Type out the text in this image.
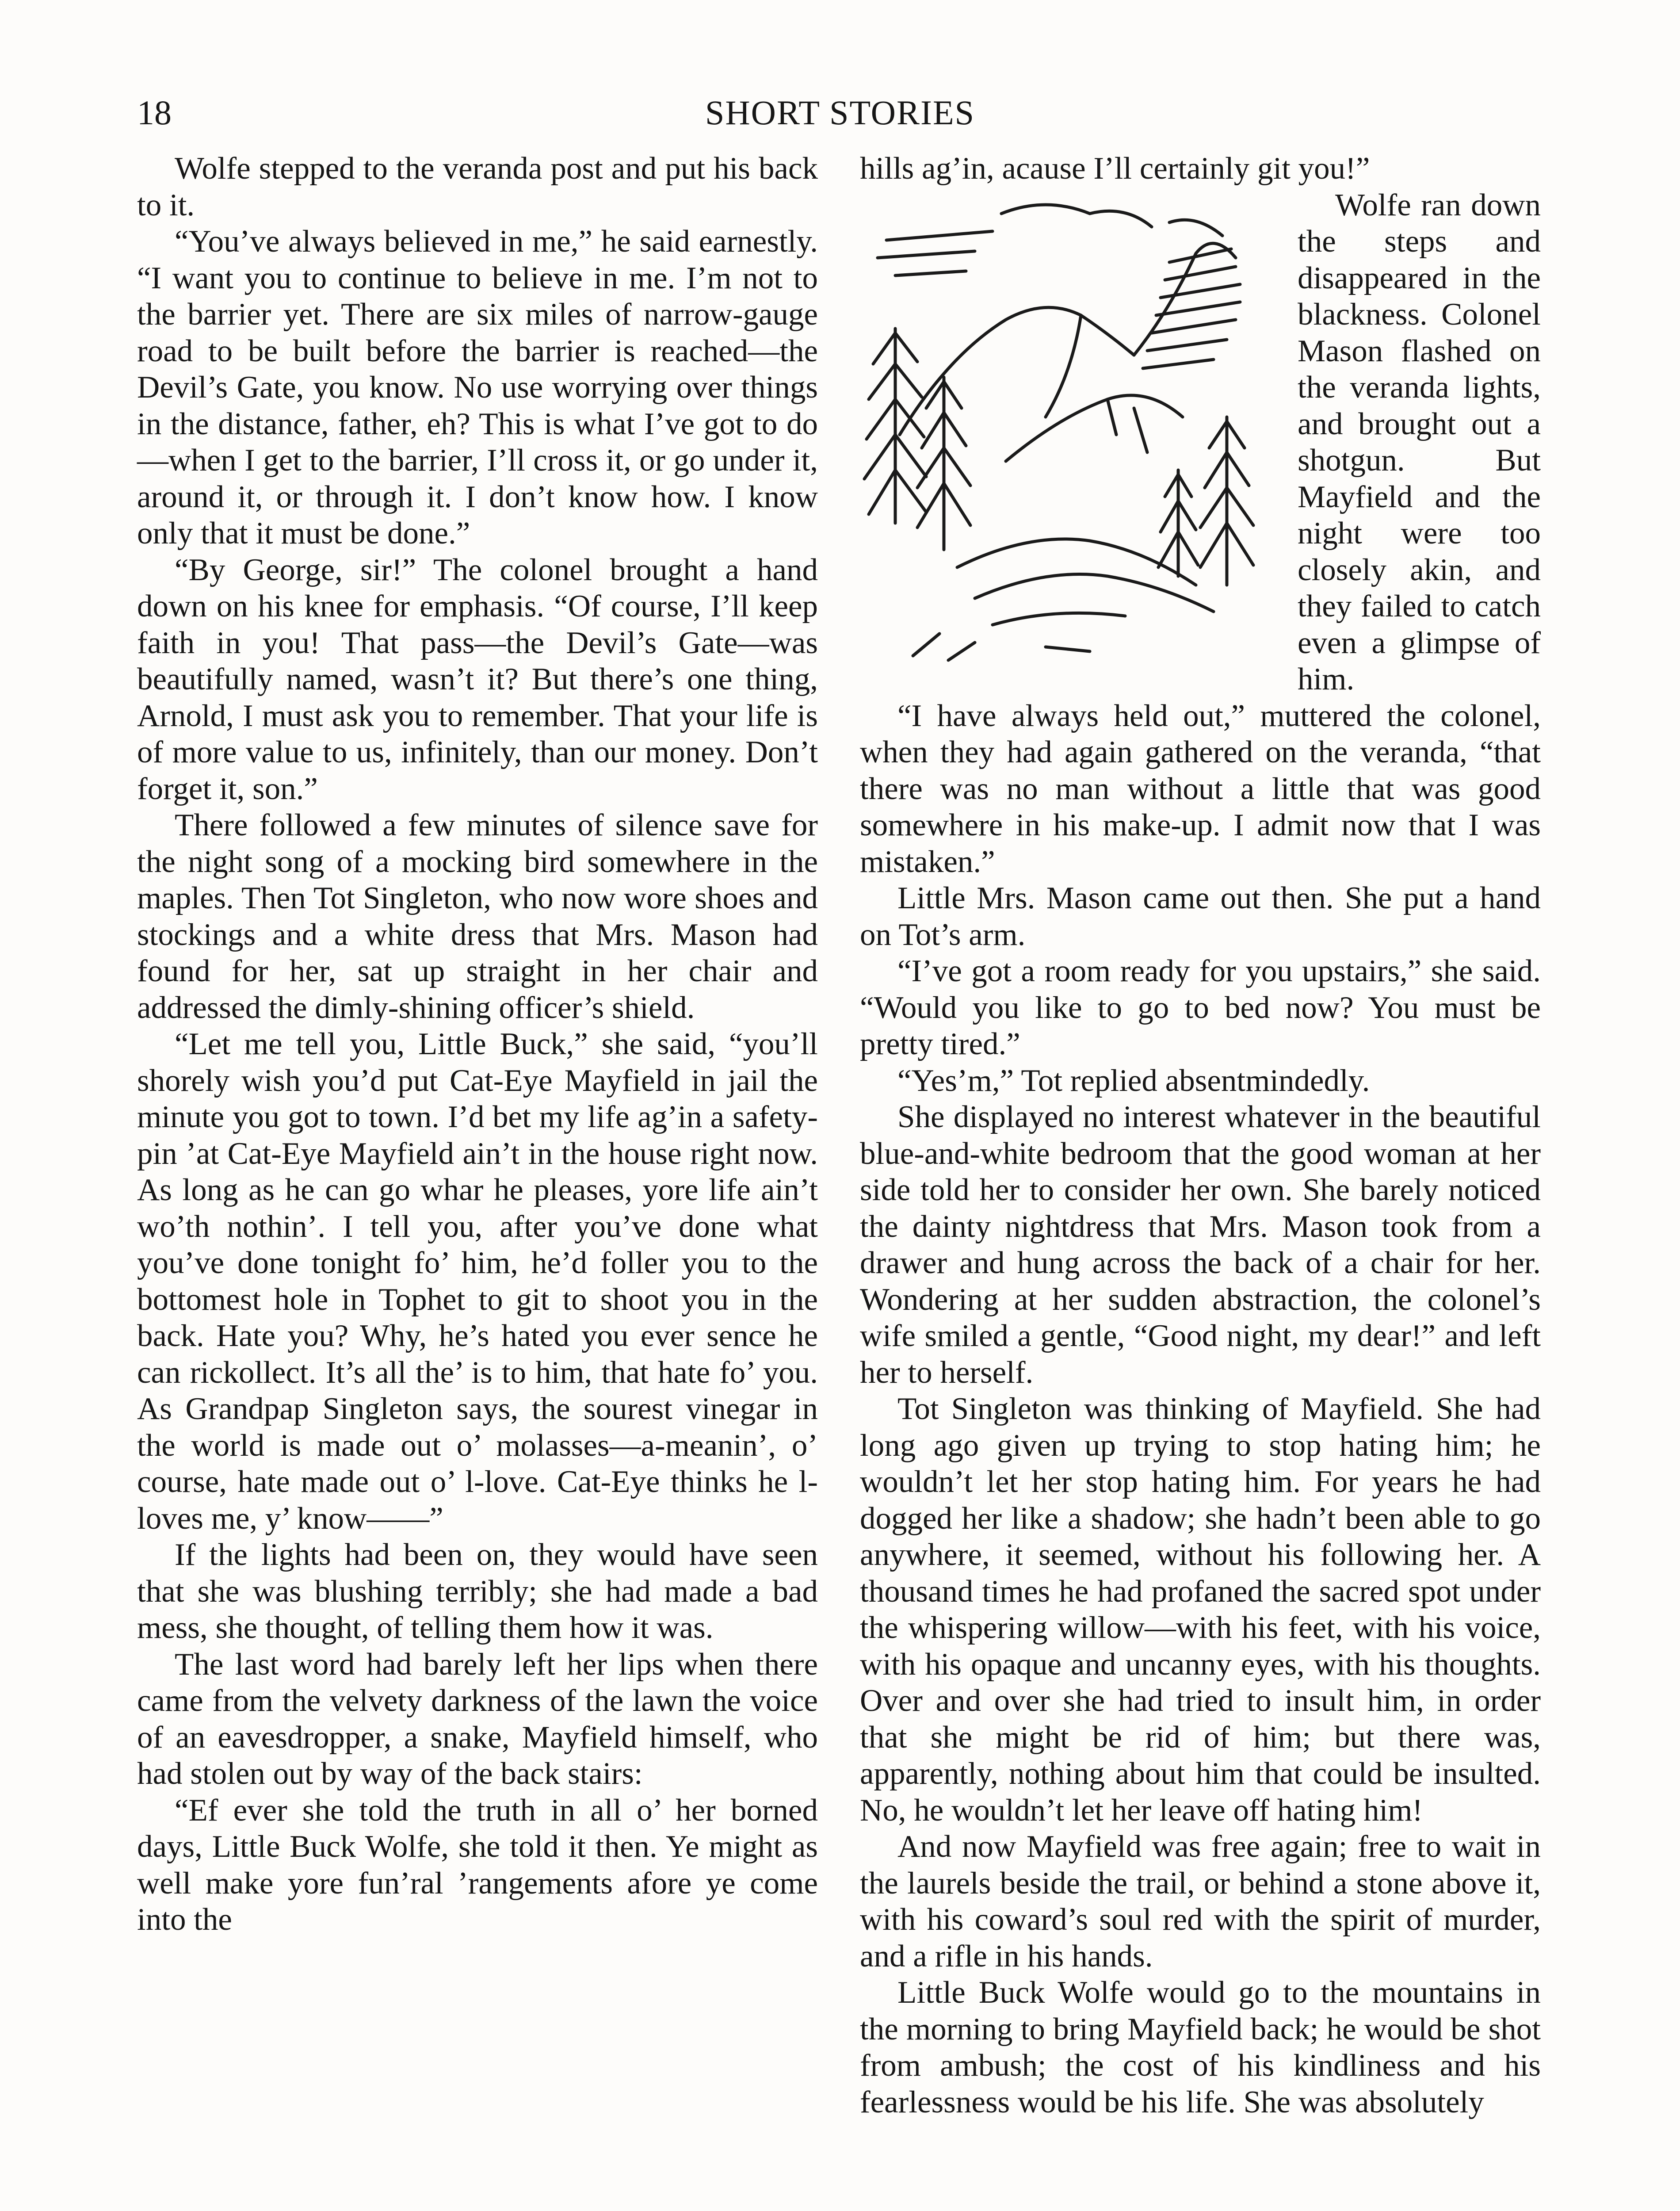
18	SHORT STORIES

Wolfe stepped to the veranda post and put his back to it.

“You’ve always believed in me,” he said earnestly. “I want you to continue to believe in me. I’m not to the barrier yet. There are six miles of narrow-gauge road to be built before the barrier is reached—the Devil’s Gate, you know. No use worrying over things in the distance, father, eh? This is what I’ve got to do—when I get to the barrier, I’ll cross it, or go under it, around it, or through it. I don’t know how. I know only that it must be done.”

“By George, sir!” The colonel brought a hand down on his knee for emphasis. “Of course, I’ll keep faith in you! That pass—the Devil’s Gate—was beautifully named, wasn’t it? But there’s one thing, Arnold, I must ask you to remember. That your life is of more value to us, infinitely, than our money. Don’t forget it, son.”

There followed a few minutes of silence save for the night song of a mocking bird somewhere in the maples. Then Tot Singleton, who now wore shoes and stockings and a white dress that Mrs. Mason had found for her, sat up straight in her chair and addressed the dimly-shining officer’s shield.

“Let me tell you, Little Buck,” she said, “you’ll shorely wish you’d put Cat-Eye Mayfield in jail the minute you got to town. I’d bet my life ag’in a safety-pin ’at Cat-Eye Mayfield ain’t in the house right now. As long as he can go whar he pleases, yore life ain’t wo’th nothin’. I tell you, after you’ve done what you’ve done tonight fo’ him, he’d foller you to the bottomest hole in Tophet to git to shoot you in the back. Hate you? Why, he’s hated you ever sence he can rickollect. It’s all the’ is to him, that hate fo’ you. As Grandpap Singleton says, the sourest vinegar in the world is made out o’ molasses—a-meanin’, o’ course, hate made out o’ l-love. Cat-Eye thinks he l-loves me, y’ know——”

If the lights had been on, they would have seen that she was blushing terribly; she had made a bad mess, she thought, of telling them how it was.

The last word had barely left her lips when there came from the velvety darkness of the lawn the voice of an eavesdropper, a snake, Mayfield himself, who had stolen out by way of the back stairs:

“Ef ever she told the truth in all o’ her borned days, Little Buck Wolfe, she told it then. Ye might as well make yore fun’ral ’rangements afore ye come into the

hills ag’in, acause I’ll certainly git you!”

Wolfe ran down the steps and disappeared in the blackness. Colonel Mason flashed on the veranda lights, and brought out a shotgun. But Mayfield and the night were too closely akin, and they failed to catch even a glimpse of him.

“I have always held out,” muttered the colonel, when they had again gathered on the veranda, “that there was no man without a little that was good somewhere in his make-up. I admit now that I was mistaken.”

Little Mrs. Mason came out then. She put a hand on Tot’s arm.

“I’ve got a room ready for you upstairs,” she said. “Would you like to go to bed now? You must be pretty tired.”

“Yes’m,” Tot replied absentmindedly.

She displayed no interest whatever in the beautiful blue-and-white bedroom that the good woman at her side told her to consider her own. She barely noticed the dainty nightdress that Mrs. Mason took from a drawer and hung across the back of a chair for her. Wondering at her sudden abstraction, the colonel’s wife smiled a gentle, “Good night, my dear!” and left her to herself.

Tot Singleton was thinking of Mayfield. She had long ago given up trying to stop hating him; he wouldn’t let her stop hating him. For years he had dogged her like a shadow; she hadn’t been able to go anywhere, it seemed, without his following her. A thousand times he had profaned the sacred spot under the whispering willow—with his feet, with his voice, with his opaque and uncanny eyes, with his thoughts. Over and over she had tried to insult him, in order that she might be rid of him; but there was, apparently, nothing about him that could be insulted. No, he wouldn’t let her leave off hating him!

And now Mayfield was free again; free to wait in the laurels beside the trail, or behind a stone above it, with his coward’s soul red with the spirit of murder, and a rifle in his hands.

Little Buck Wolfe would go to the mountains in the morning to bring Mayfield back; he would be shot from ambush; the cost of his kindliness and his fearlessness would be his life. She was absolutely
